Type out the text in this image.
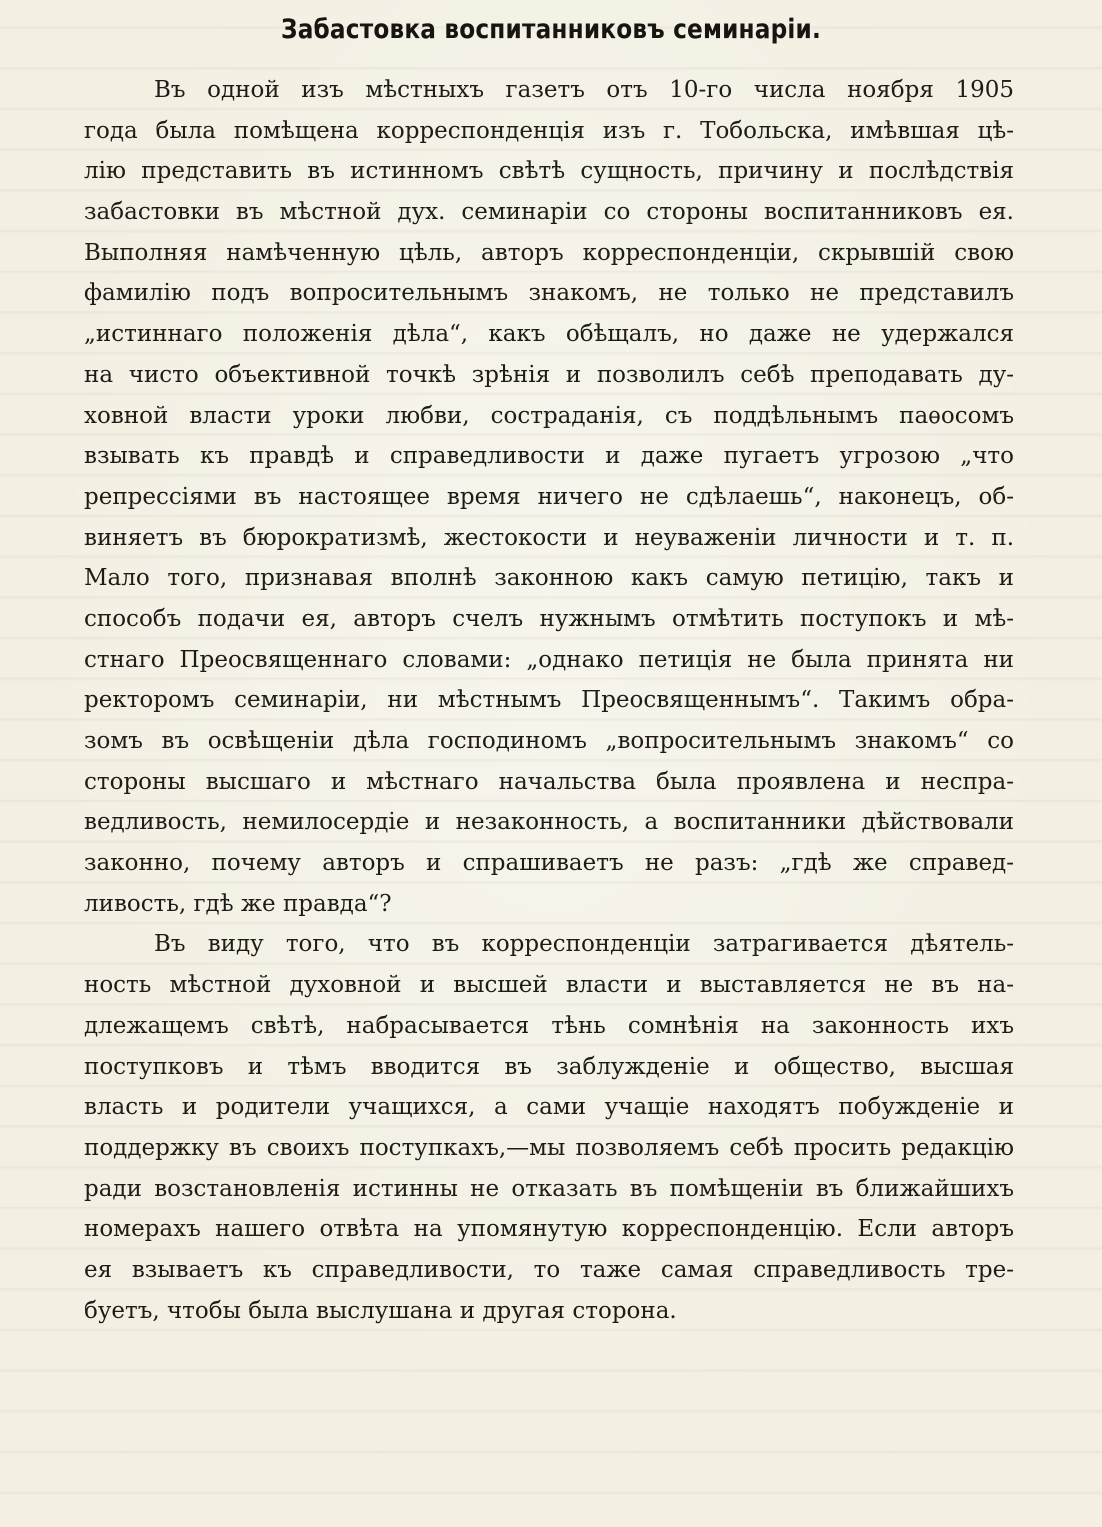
Забастовка воспитанниковъ семинаріи.
Въ одной изъ мѣстныхъ газетъ отъ 10-го числа ноября 1905
года была помѣщена корреспонденція изъ г. Тобольска, имѣвшая цѣ-
лію представить въ истинномъ свѣтѣ сущность, причину и послѣдствія
забастовки въ мѣстной дух. семинаріи со стороны воспитанниковъ ея.
Выполняя намѣченную цѣль, авторъ корреспонденціи, скрывшій свою
фамилію подъ вопросительнымъ знакомъ, не только не представилъ
„истиннаго положенія дѣла“, какъ обѣщалъ, но даже не удержался
на чисто объективной точкѣ зрѣнія и позволилъ себѣ преподавать ду-
ховной власти уроки любви, сострадані‍я, съ поддѣльнымъ паѳосомъ
взывать къ правдѣ и справедливости и даже пугаетъ угрозою „что
репрессіями въ настоящее время ничего не сдѣлаешь“, наконецъ, об-
виняетъ въ бюрократизмѣ, жестокости и неуваженіи личности и т. п.
Мало того, признавая вполнѣ законною какъ самую петицію, такъ и
способъ подачи ея, авторъ счелъ нужнымъ отмѣтить поступокъ и мѣ-
стнаго Преосвященнаго словами: „однако петиція не была принята ни
ректоромъ семинаріи, ни мѣстнымъ Преосвященнымъ“. Такимъ обра-
зомъ въ освѣщеніи дѣла господиномъ „вопросительнымъ знакомъ“ со
стороны высшаго и мѣстнаго начальства была проявлена и неспра-
ведливость, немилосердіе и незаконность, а воспитанники дѣйствовали
законно, почему авторъ и спрашиваетъ не разъ: „гдѣ же справед-
ливость, гдѣ же правда“?
Въ виду того, что въ корреспонденціи затрагивается дѣятель-
ность мѣстной духовной и высшей власти и выставляется не въ на-
длежащемъ свѣтѣ, набрасывается тѣнь сомнѣнія на законность ихъ
поступковъ и тѣмъ вводится въ заблужденіе и общество, высшая
власть и родители учащихся, а сами учащіе находятъ побужденіе и
поддержку въ своихъ поступкахъ,—мы позволяемъ себѣ просить редакцію
ради возстановленія истинны не отказать въ помѣщеніи въ ближайшихъ
номерахъ нашего отвѣта на упомянутую корреспонденцію. Если авторъ
ея взываетъ къ справедливости, то таже самая справедливость тре-
буетъ, чтобы была выслушана и другая сторона.
